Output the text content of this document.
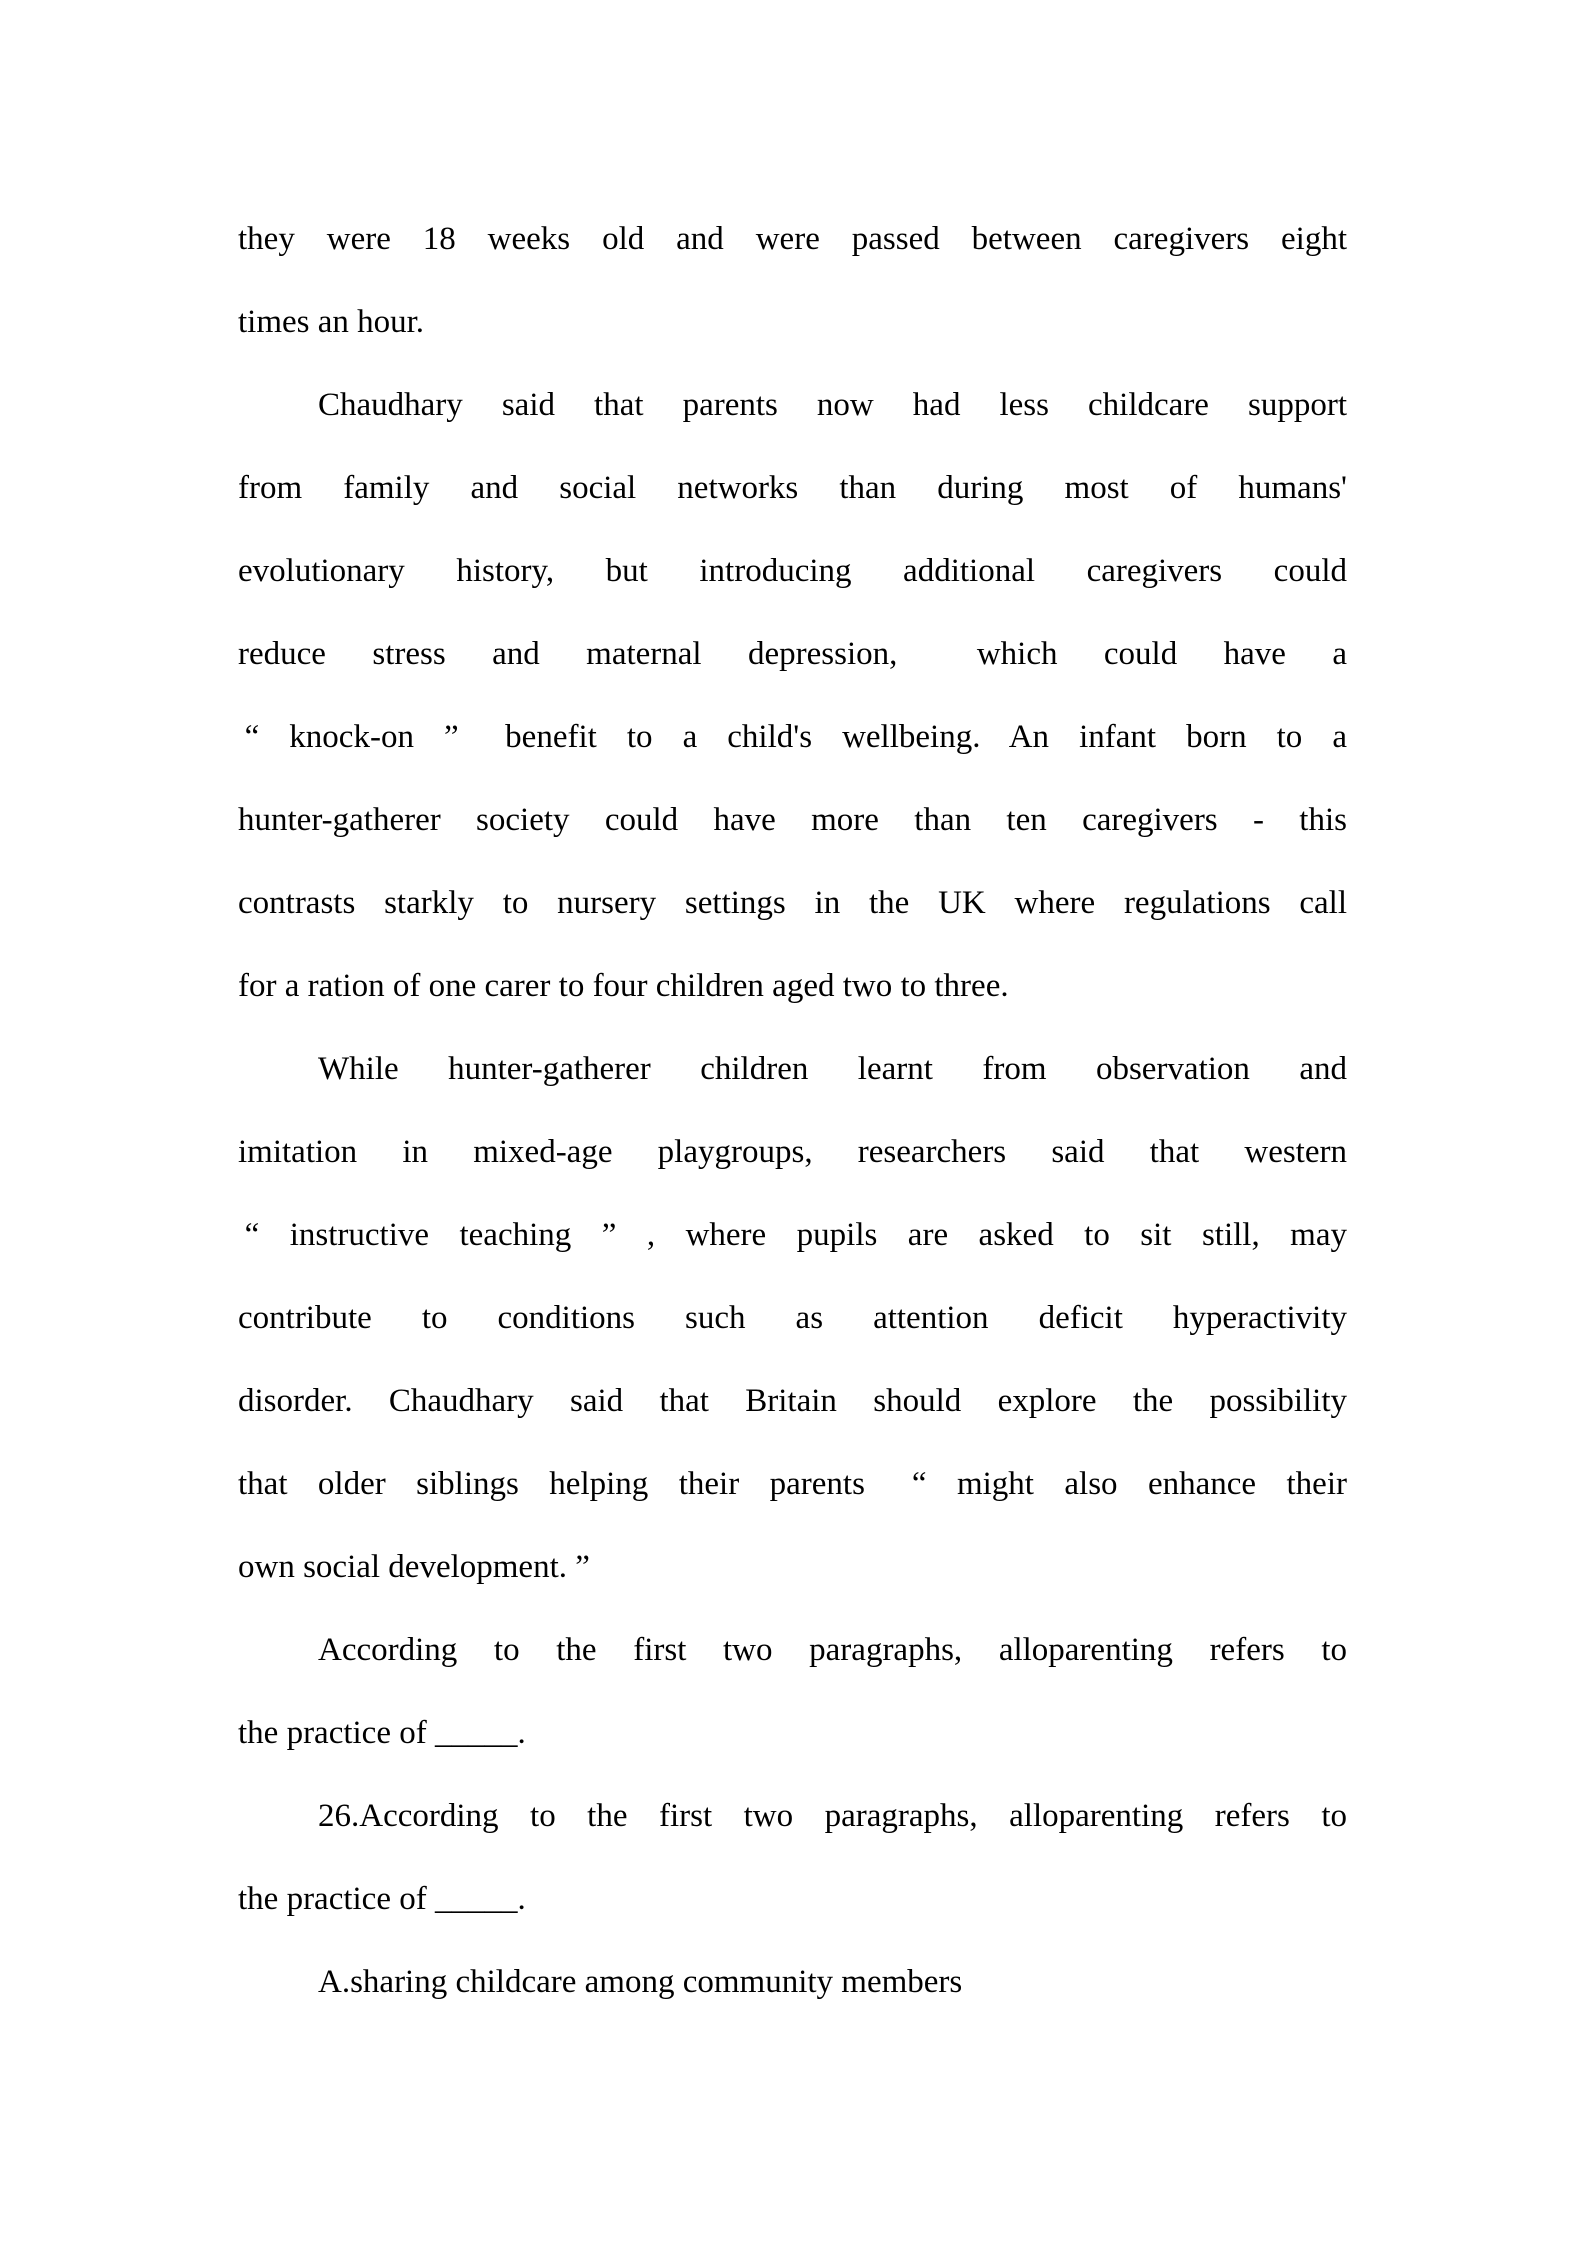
they were 18 weeks old and were passed between caregivers eight
times an hour.
Chaudhary said that parents now had less childcare support
from family and social networks than during most of humans'
evolutionary history, but introducing additional caregivers could
reduce stress and maternal depression,  which could have a
 “ knock-on ”  benefit to a child's wellbeing. An infant born to a
hunter-gatherer society could have more than ten caregivers - this
contrasts starkly to nursery settings in the UK where regulations call
for a ration of one carer to four children aged two to three.
While hunter-gatherer children learnt from observation and
imitation in mixed-age playgroups, researchers said that western
 “ instructive teaching ” , where pupils are asked to sit still, may
contribute to conditions such as attention deficit hyperactivity
disorder. Chaudhary said that Britain should explore the possibility
that older siblings helping their parents  “ might also enhance their
own social development. ”
According to the first two paragraphs, alloparenting refers to
the practice of _____.
26.According to the first two paragraphs, alloparenting refers to
the practice of _____.
A.sharing childcare among community members
